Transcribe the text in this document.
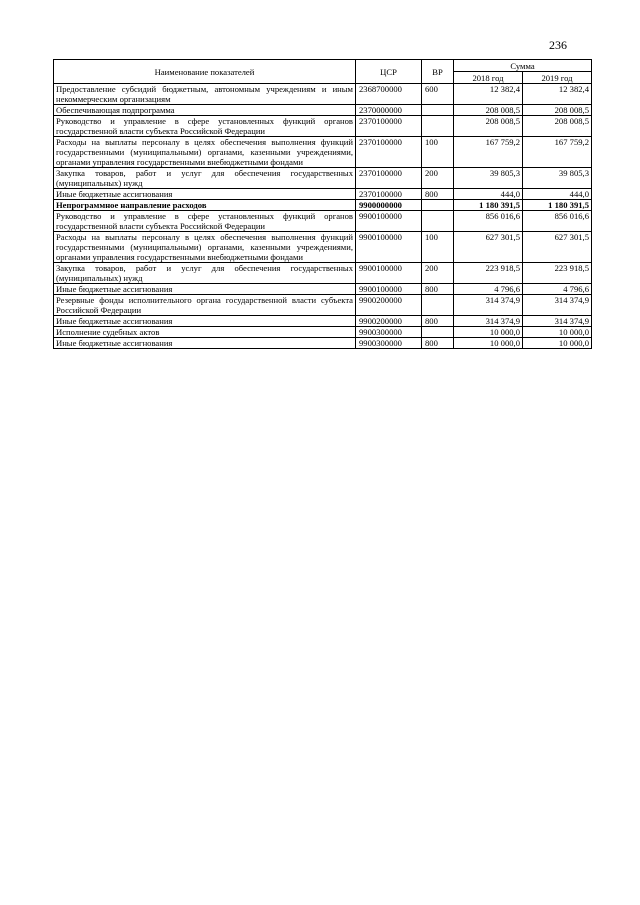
236
Наименование показателей	ЦСР	ВР	Сумма	
			2018 год	2019 год
Предоставление субсидий бюджетным, автономным учреждениям и иным некоммерческим организациям	2368700000	600	12 382,4	12 382,4
Обеспечивающая подпрограмма	2370000000		208 008,5	208 008,5
Руководство и управление в сфере установленных функций органов государственной власти субъекта Российской Федерации	2370100000		208 008,5	208 008,5
Расходы на выплаты персоналу в целях обеспечения выполнения функций государственными (муниципальными) органами, казенными учреждениями, органами управления государственными внебюджетными фондами	2370100000	100	167 759,2	167 759,2
Закупка товаров, работ и услуг для обеспечения государственных (муниципальных) нужд	2370100000	200	39 805,3	39 805,3
Иные бюджетные ассигнования	2370100000	800	444,0	444,0
Непрограммное направление расходов	9900000000		1 180 391,5	1 180 391,5
Руководство и управление в сфере установленных функций органов государственной власти субъекта Российской Федерации	9900100000		856 016,6	856 016,6
Расходы на выплаты персоналу в целях обеспечения выполнения функций государственными (муниципальными) органами, казенными учреждениями, органами управления государственными внебюджетными фондами	9900100000	100	627 301,5	627 301,5
Закупка товаров, работ и услуг для обеспечения государственных (муниципальных) нужд	9900100000	200	223 918,5	223 918,5
Иные бюджетные ассигнования	9900100000	800	4 796,6	4 796,6
Резервные фонды исполнительного органа государственной власти субъекта Российской Федерации	9900200000		314 374,9	314 374,9
Иные бюджетные ассигнования	9900200000	800	314 374,9	314 374,9
Исполнение судебных актов	9900300000		10 000,0	10 000,0
Иные бюджетные ассигнования	9900300000	800	10 000,0	10 000,0
